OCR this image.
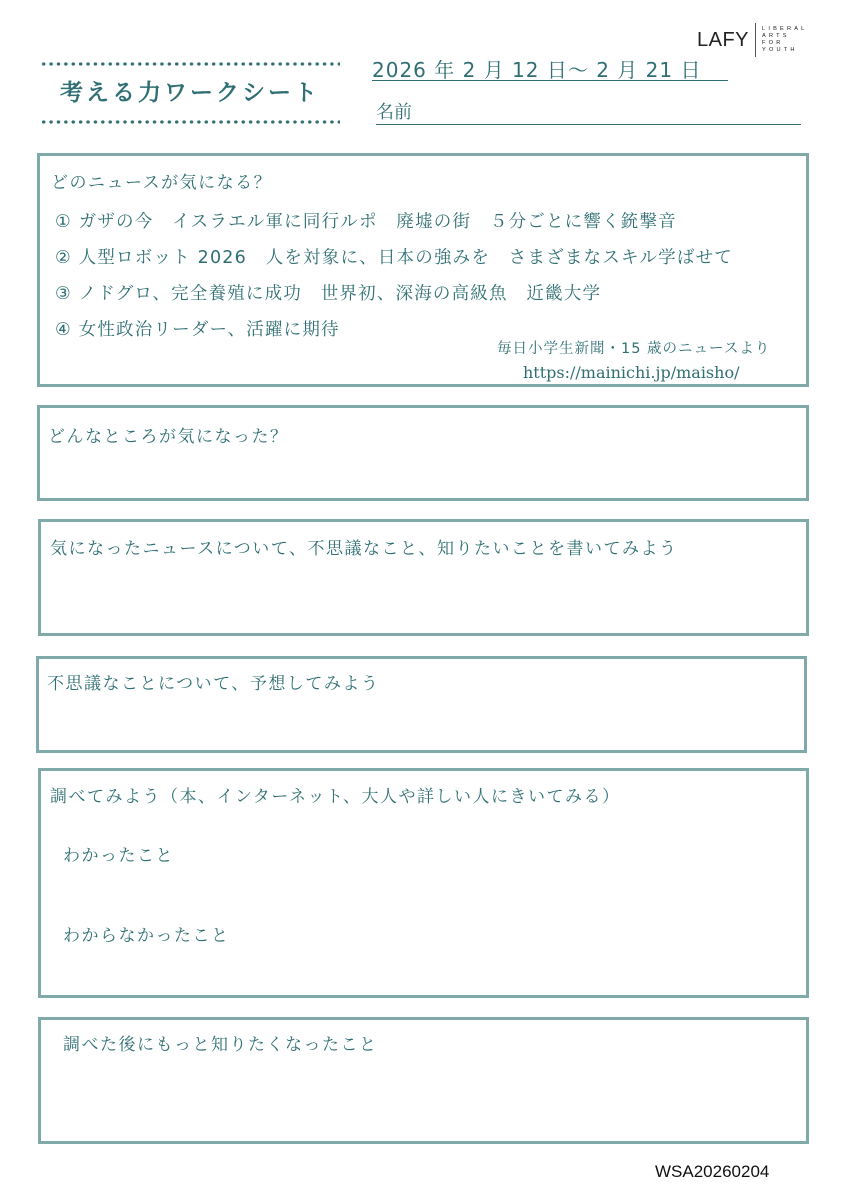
LAFY LIBERAL
ARTS
FOR
YOUTH
考える力ワークシート
2026 年 2 月 12 日～ 2 月 21 日
名前
どのニュースが気になる？
① ガザの今　イスラエル軍に同行ルポ　廃墟の街　５分ごとに響く銃撃音
② 人型ロボット 2026　人を対象に、日本の強みを　さまざまなスキル学ばせて
③ ノドグロ、完全養殖に成功　世界初、深海の高級魚　近畿大学
④ 女性政治リーダー、活躍に期待
毎日小学生新聞・15 歳のニュースより
https://mainichi.jp/maisho/
どんなところが気になった？
気になったニュースについて、不思議なこと、知りたいことを書いてみよう
不思議なことについて、予想してみよう
調べてみよう（本、インターネット、大人や詳しい人にきいてみる）
わかったこと
わからなかったこと
調べた後にもっと知りたくなったこと
WSA20260204
